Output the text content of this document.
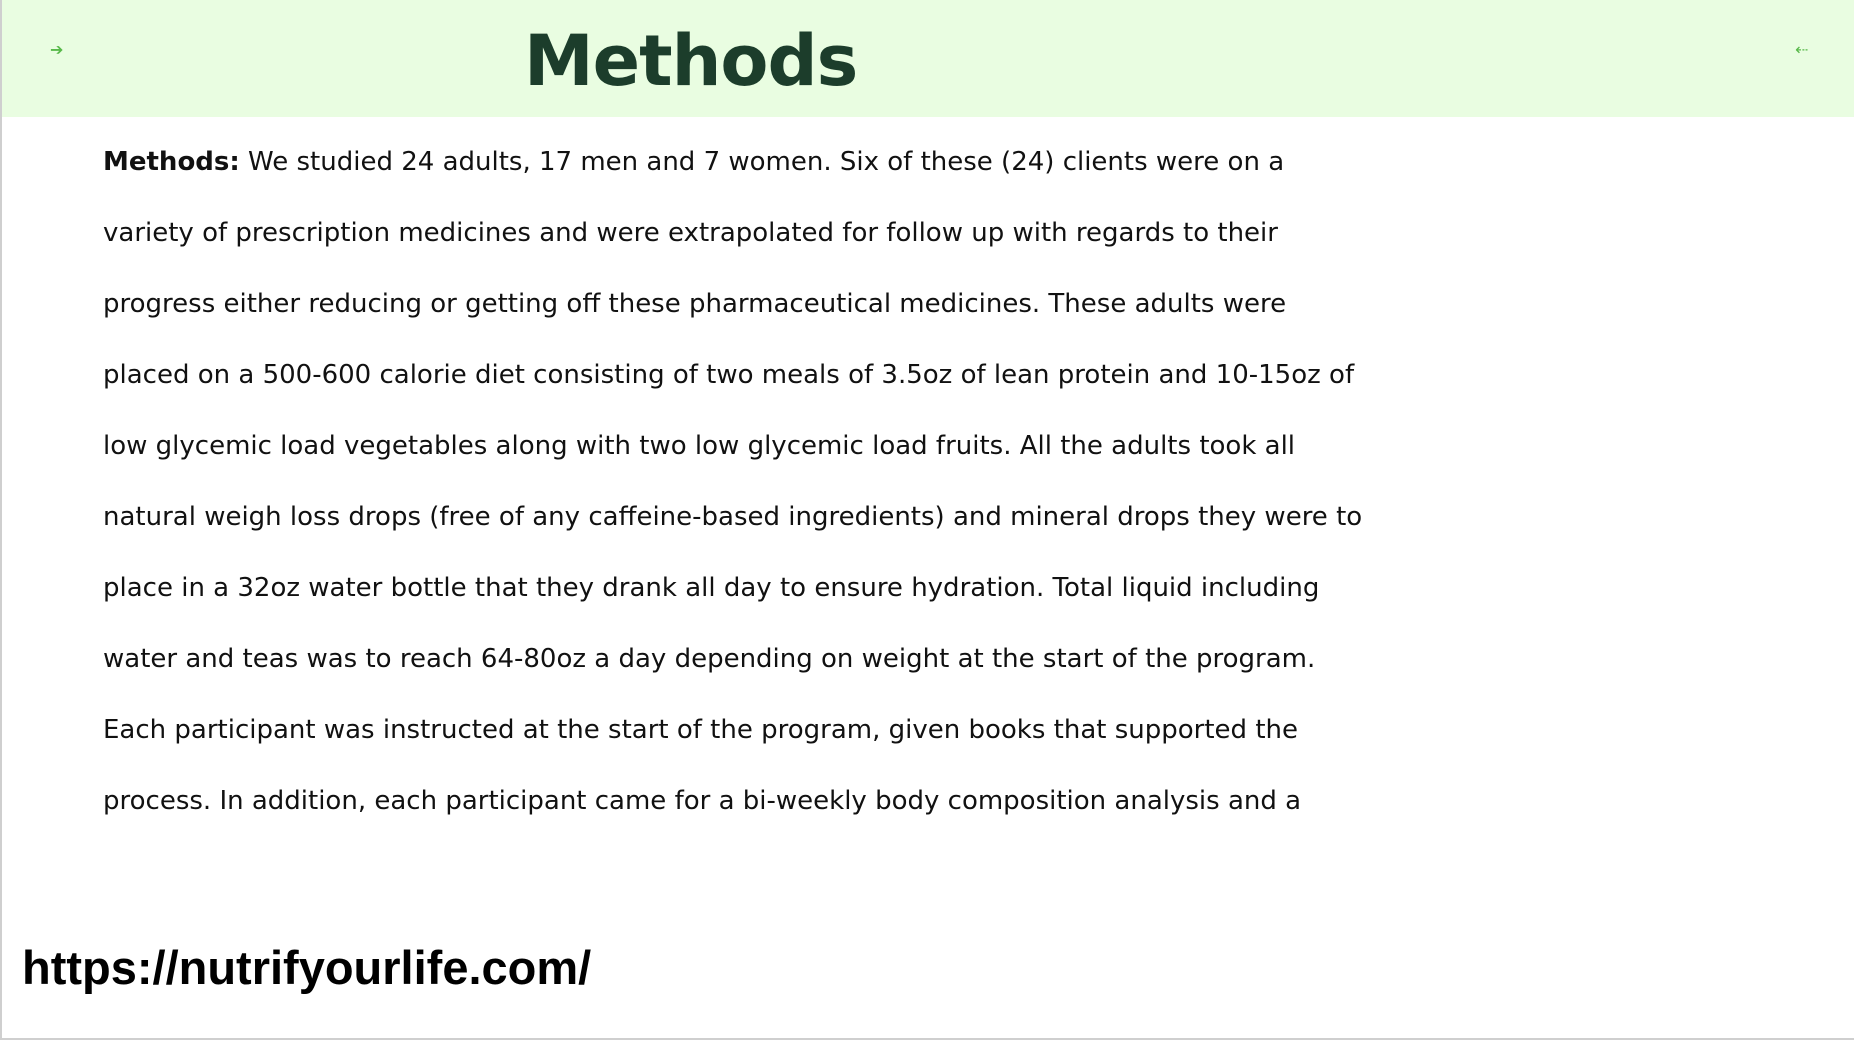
➔	Methods	⇠
Methods: We studied 24 adults, 17 men and 7 women. Six of these (24) clients were on a
variety of prescription medicines and were extrapolated for follow up with regards to their
progress either reducing or getting off these pharmaceutical medicines. These adults were
placed on a 500-600 calorie diet consisting of two meals of 3.5oz of lean protein and 10-15oz of
low glycemic load vegetables along with two low glycemic load fruits. All the adults took all
natural weigh loss drops (free of any caffeine-based ingredients) and mineral drops they were to
place in a 32oz water bottle that they drank all day to ensure hydration. Total liquid including
water and teas was to reach 64-80oz a day depending on weight at the start of the program.
Each participant was instructed at the start of the program, given books that supported the
process. In addition, each participant came for a bi-weekly body composition analysis and a
https://nutrifyourlife.com/
